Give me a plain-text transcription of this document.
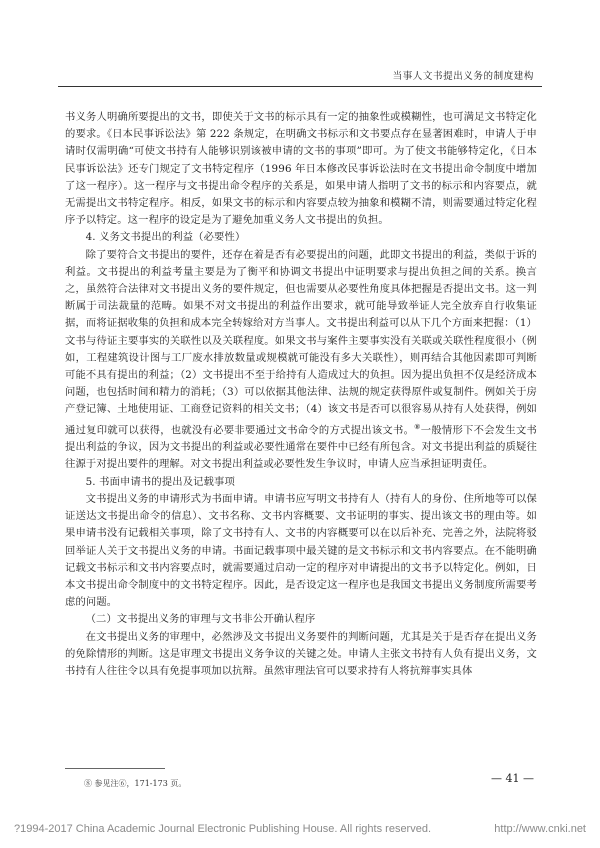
当事人文书提出义务的制度建构

书义务人明确所要提出的文书，即使关于文书的标示具有一定的抽象性或模糊性，也可满足文书特定化的要求。《日本民事诉讼法》第 222 条规定，在明确文书标示和文书要点存在显著困难时，申请人于申请时仅需明确“可使文书持有人能够识别该被申请的文书的事项”即可。为了使文书能够特定化，《日本民事诉讼法》还专门规定了文书特定程序（1996 年日本修改民事诉讼法时在文书提出命令制度中增加了这一程序）。这一程序与文书提出命令程序的关系是，如果申请人指明了文书的标示和内容要点，就无需提出文书特定程序。相反，如果文书的标示和内容要点较为抽象和模糊不清，则需要通过特定化程序予以特定。这一程序的设定是为了避免加重义务人文书提出的负担。

4. 义务文书提出的利益（必要性）

除了要符合文书提出的要件，还存在着是否有必要提出的问题，此即文书提出的利益，类似于诉的利益。文书提出的利益考量主要是为了衡平和协调文书提出中证明要求与提出负担之间的关系。换言之，虽然符合法律对文书提出义务的要件规定，但也需要从必要性角度具体把握是否提出文书。这一判断属于司法裁量的范畴。如果不对文书提出的利益作出要求，就可能导致举证人完全放弃自行收集证据，而将证据收集的负担和成本完全转嫁给对方当事人。文书提出利益可以从下几个方面来把握：（1）文书与待证主要事实的关联性以及关联程度。如果文书与案件主要事实没有关联或关联性程度很小（例如，工程建筑设计图与工厂废水排放数量或规模就可能没有多大关联性），则再结合其他因素即可判断可能不具有提出的利益；（2）文书提出不至于给持有人造成过大的负担。因为提出负担不仅是经济成本问题，也包括时间和精力的消耗；（3）可以依据其他法律、法规的规定获得原件或复制件。例如关于房产登记簿、土地使用证、工商登记资料的相关文书；（4）该文书是否可以很容易从持有人处获得，例如通过复印就可以获得，也就没有必要非要通过文书命令的方式提出该文书。⑧一般情形下不会发生文书提出利益的争议，因为文书提出的利益或必要性通常在要件中已经有所包含。对文书提出利益的质疑往往源于对提出要件的理解。对文书提出利益或必要性发生争议时，申请人应当承担证明责任。

5. 书面申请书的提出及记载事项

文书提出义务的申请形式为书面申请。申请书应写明文书持有人（持有人的身份、住所地等可以保证送达文书提出命令的信息）、文书名称、文书内容概要、文书证明的事实、提出该文书的理由等。如果申请书没有记载相关事项，除了文书持有人、文书的内容概要可以在以后补充、完善之外，法院将驳回举证人关于文书提出义务的申请。书面记载事项中最关键的是文书标示和文书内容要点。在不能明确记载文书标示和文书内容要点时，就需要通过启动一定的程序对申请提出的文书予以特定化。例如，日本文书提出命令制度中的文书特定程序。因此，是否设定这一程序也是我国文书提出义务制度所需要考虑的问题。

（二）文书提出义务的审理与文书非公开确认程序

在文书提出义务的审理中，必然涉及文书提出义务要件的判断问题，尤其是关于是否存在提出义务的免除情形的判断。这是审理文书提出义务争议的关键之处。申请人主张文书持有人负有提出义务，文书持有人往往令以具有免提事项加以抗辩。虽然审理法官可以要求持有人将抗辩事实具体

⑧ 参见注⑥，171-173 页。	— 41 —
?1994-2017 China Academic Journal Electronic Publishing House. All rights reserved.	http://www.cnki.net
